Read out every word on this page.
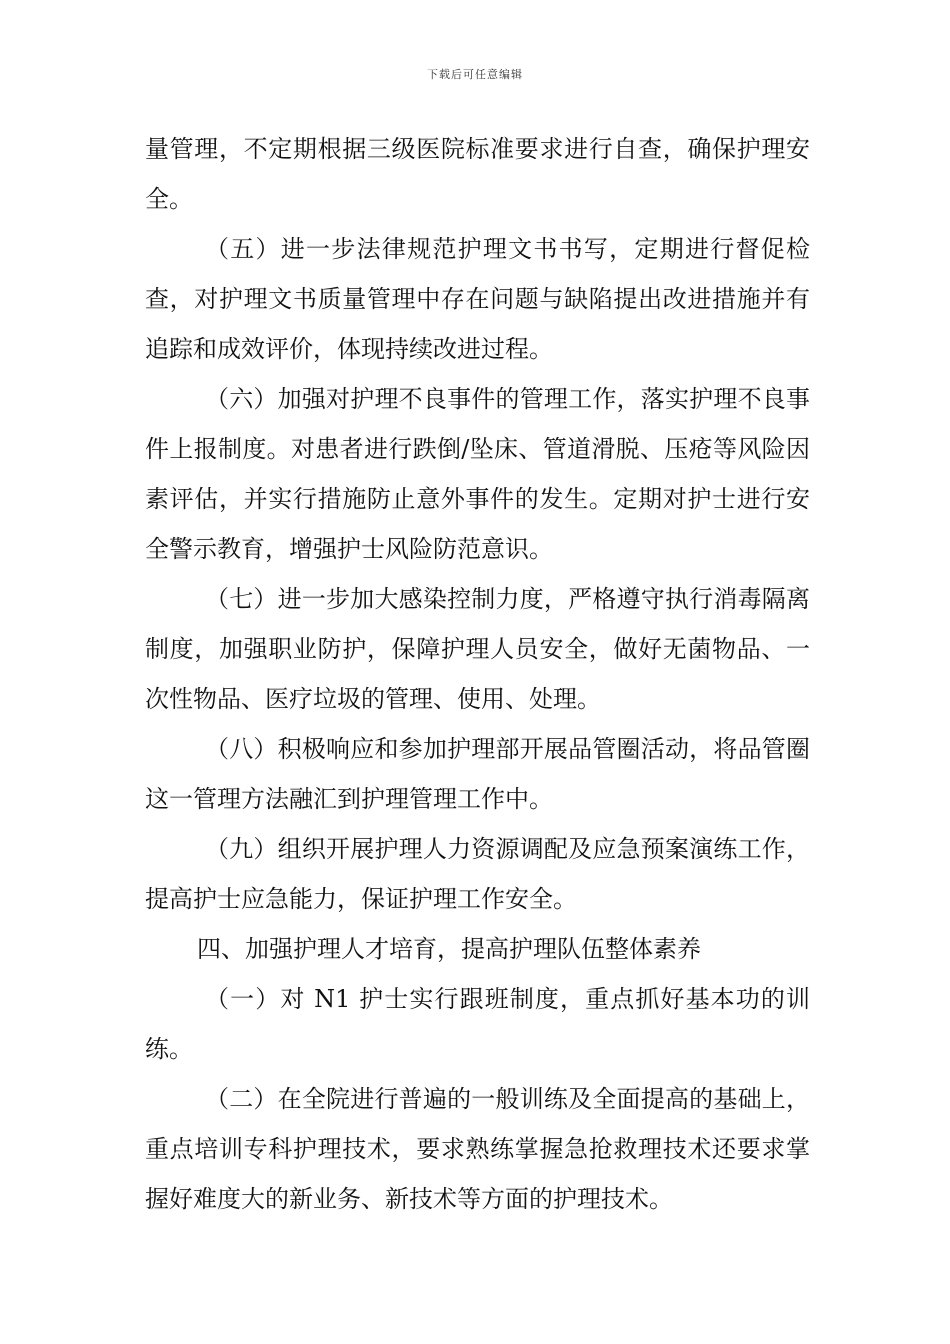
下载后可任意编辑

量管理，不定期根据三级医院标准要求进行自查，确保护理安全。

（五）进一步法律规范护理文书书写，定期进行督促检查，对护理文书质量管理中存在问题与缺陷提出改进措施并有追踪和成效评价，体现持续改进过程。

（六）加强对护理不良事件的管理工作，落实护理不良事件上报制度。对患者进行跌倒/坠床、管道滑脱、压疮等风险因素评估，并实行措施防止意外事件的发生。定期对护士进行安全警示教育，增强护士风险防范意识。

（七）进一步加大感染控制力度，严格遵守执行消毒隔离制度，加强职业防护，保障护理人员安全，做好无菌物品、一次性物品、医疗垃圾的管理、使用、处理。

（八）积极响应和参加护理部开展品管圈活动，将品管圈这一管理方法融汇到护理管理工作中。

（九）组织开展护理人力资源调配及应急预案演练工作，提高护士应急能力，保证护理工作安全。

四、加强护理人才培育，提高护理队伍整体素养

（一）对 N1 护士实行跟班制度，重点抓好基本功的训练。

（二）在全院进行普遍的一般训练及全面提高的基础上，重点培训专科护理技术，要求熟练掌握急抢救理技术还要求掌握好难度大的新业务、新技术等方面的护理技术。
